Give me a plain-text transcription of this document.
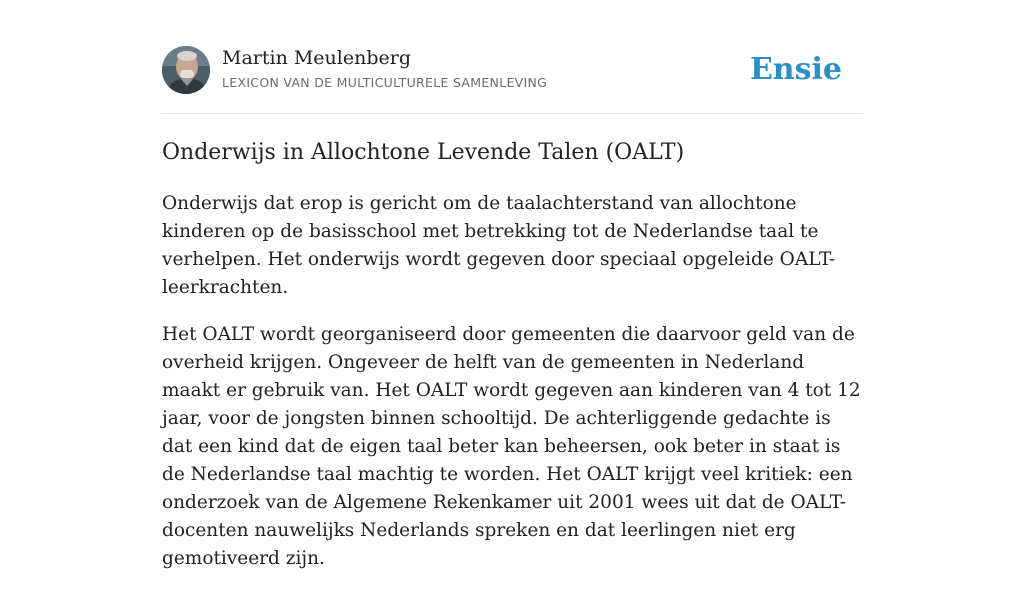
Martin Meulenberg
LEXICON VAN DE MULTICULTURELE SAMENLEVING	Ensie
Onderwijs in Allochtone Levende Talen (OALT)

Onderwijs dat erop is gericht om de taalachterstand van allochtone kinderen op de basisschool met betrekking tot de Nederlandse taal te verhelpen. Het onderwijs wordt gegeven door speciaal opgeleide OALT-leerkrachten.

Het OALT wordt georganiseerd door gemeenten die daarvoor geld van de overheid krijgen. Ongeveer de helft van de gemeenten in Nederland maakt er gebruik van. Het OALT wordt gegeven aan kinderen van 4 tot 12 jaar, voor de jongsten binnen schooltijd. De achterliggende gedachte is dat een kind dat de eigen taal beter kan beheersen, ook beter in staat is de Nederlandse taal machtig te worden. Het OALT krijgt veel kritiek: een onderzoek van de Algemene Rekenkamer uit 2001 wees uit dat de OALT-docenten nauwelijks Nederlands spreken en dat leerlingen niet erg gemotiveerd zijn.
